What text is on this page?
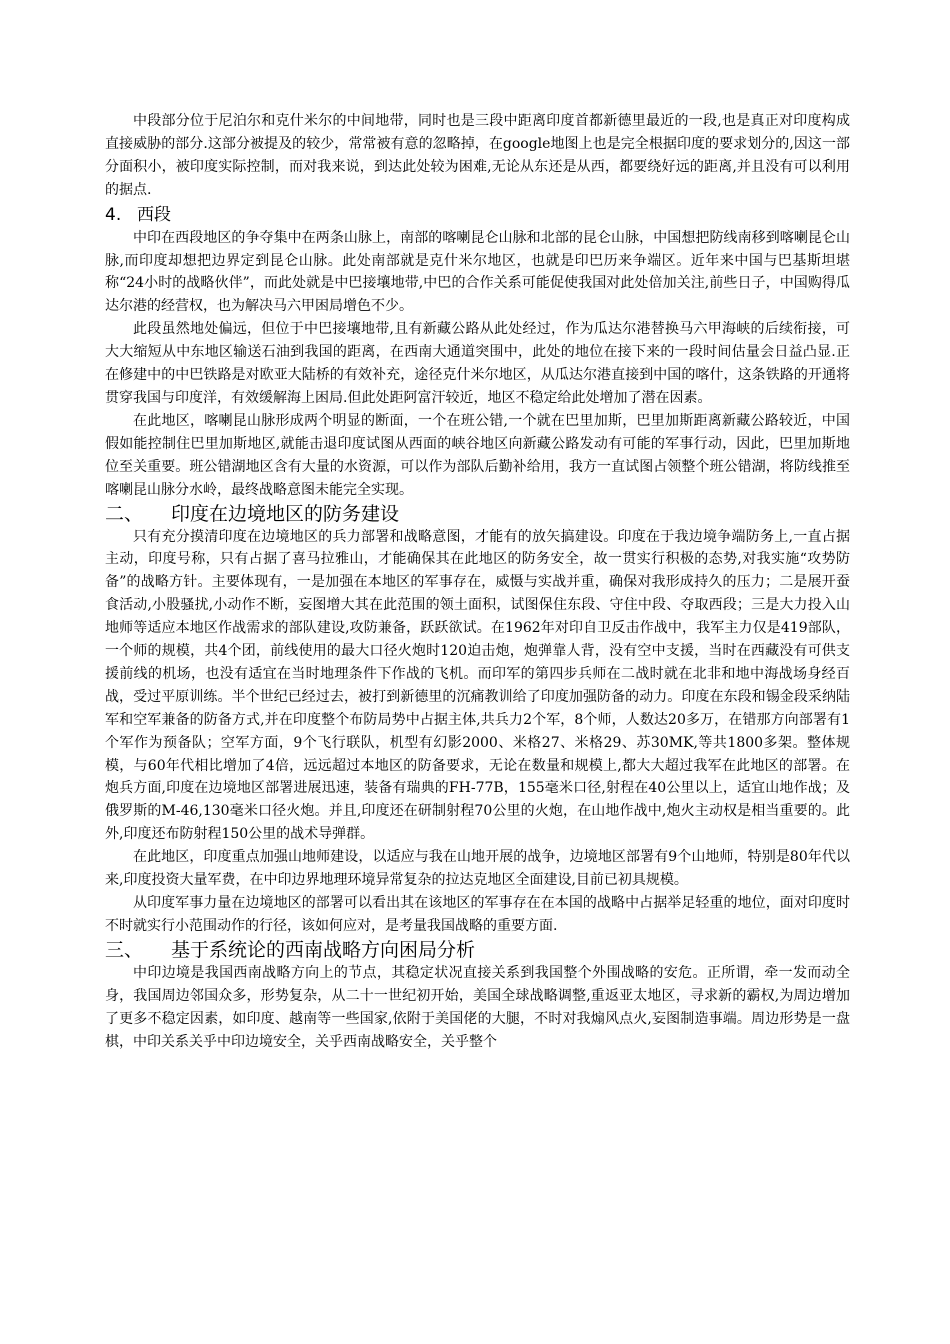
中段部分位于尼泊尔和克什米尔的中间地带，同时也是三段中距离印度首都新德里最近的一段,也是真正对印度构成直接威胁的部分.这部分被提及的较少，常常被有意的忽略掉，在google地图上也是完全根据印度的要求划分的,因这一部分面积小，被印度实际控制，而对我来说，到达此处较为困难,无论从东还是从西，都要绕好远的距离,并且没有可以利用的据点.

4. 西段

中印在西段地区的争夺集中在两条山脉上，南部的喀喇昆仑山脉和北部的昆仑山脉，中国想把防线南移到喀喇昆仑山脉,而印度却想把边界定到昆仑山脉。此处南部就是克什米尔地区，也就是印巴历来争端区。近年来中国与巴基斯坦堪称“24小时的战略伙伴”，而此处就是中巴接壤地带,中巴的合作关系可能促使我国对此处倍加关注,前些日子，中国购得瓜达尔港的经营权，也为解决马六甲困局增色不少。

此段虽然地处偏远，但位于中巴接壤地带,且有新藏公路从此处经过，作为瓜达尔港替换马六甲海峡的后续衔接，可大大缩短从中东地区输送石油到我国的距离，在西南大通道突围中，此处的地位在接下来的一段时间估量会日益凸显.正在修建中的中巴铁路是对欧亚大陆桥的有效补充，途径克什米尔地区，从瓜达尔港直接到中国的喀什，这条铁路的开通将贯穿我国与印度洋，有效缓解海上困局.但此处距阿富汗较近，地区不稳定给此处增加了潜在因素。

在此地区，喀喇昆山脉形成两个明显的断面，一个在班公错,一个就在巴里加斯，巴里加斯距离新藏公路较近，中国假如能控制住巴里加斯地区,就能击退印度试图从西面的峡谷地区向新藏公路发动有可能的军事行动，因此，巴里加斯地位至关重要。班公错湖地区含有大量的水资源，可以作为部队后勤补给用，我方一直试图占领整个班公错湖，将防线推至喀喇昆山脉分水岭，最终战略意图未能完全实现。

二、	印度在边境地区的防务建设

只有充分摸清印度在边境地区的兵力部署和战略意图，才能有的放矢搞建设。印度在于我边境争端防务上,一直占据主动，印度号称，只有占据了喜马拉雅山，才能确保其在此地区的防务安全，故一贯实行积极的态势,对我实施“攻势防备”的战略方针。主要体现有，一是加强在本地区的军事存在，威慑与实战并重，确保对我形成持久的压力；二是展开蚕食活动,小股骚扰,小动作不断，妄图增大其在此范围的领土面积，试图保住东段、守住中段、夺取西段；三是大力投入山地师等适应本地区作战需求的部队建设,攻防兼备，跃跃欲试。在1962年对印自卫反击作战中，我军主力仅是419部队，一个师的规模，共4个团，前线使用的最大口径火炮时120迫击炮，炮弹靠人背，没有空中支援，当时在西藏没有可供支援前线的机场，也没有适宜在当时地理条件下作战的飞机。而印军的第四步兵师在二战时就在北非和地中海战场身经百战，受过平原训练。半个世纪已经过去，被打到新德里的沉痛教训给了印度加强防备的动力。印度在东段和锡金段采纳陆军和空军兼备的防备方式,并在印度整个布防局势中占据主体,共兵力2个军，8个师，人数达20多万，在错那方向部署有1个军作为预备队；空军方面，9个飞行联队，机型有幻影2000、米格27、米格29、苏30MK,等共1800多架。整体规模，与60年代相比增加了4倍，远远超过本地区的防备要求，无论在数量和规模上,都大大超过我军在此地区的部署。在炮兵方面,印度在边境地区部署进展迅速，装备有瑞典的FH-77B，155毫米口径,射程在40公里以上，适宜山地作战；及俄罗斯的M-46,130毫米口径火炮。并且,印度还在研制射程70公里的火炮，在山地作战中,炮火主动权是相当重要的。此外,印度还布防射程150公里的战术导弹群。

在此地区，印度重点加强山地师建设，以适应与我在山地开展的战争，边境地区部署有9个山地师，特别是80年代以来,印度投资大量军费，在中印边界地理环境异常复杂的拉达克地区全面建设,目前已初具规模。

从印度军事力量在边境地区的部署可以看出其在该地区的军事存在在本国的战略中占据举足轻重的地位，面对印度时不时就实行小范围动作的行径，该如何应对，是考量我国战略的重要方面.

三、	基于系统论的西南战略方向困局分析

中印边境是我国西南战略方向上的节点，其稳定状况直接关系到我国整个外围战略的安危。正所谓，牵一发而动全身，我国周边邻国众多，形势复杂，从二十一世纪初开始，美国全球战略调整,重返亚太地区，寻求新的霸权,为周边增加了更多不稳定因素，如印度、越南等一些国家,依附于美国佬的大腿，不时对我煽风点火,妄图制造事端。周边形势是一盘棋，中印关系关乎中印边境安全，关乎西南战略安全，关乎整个
